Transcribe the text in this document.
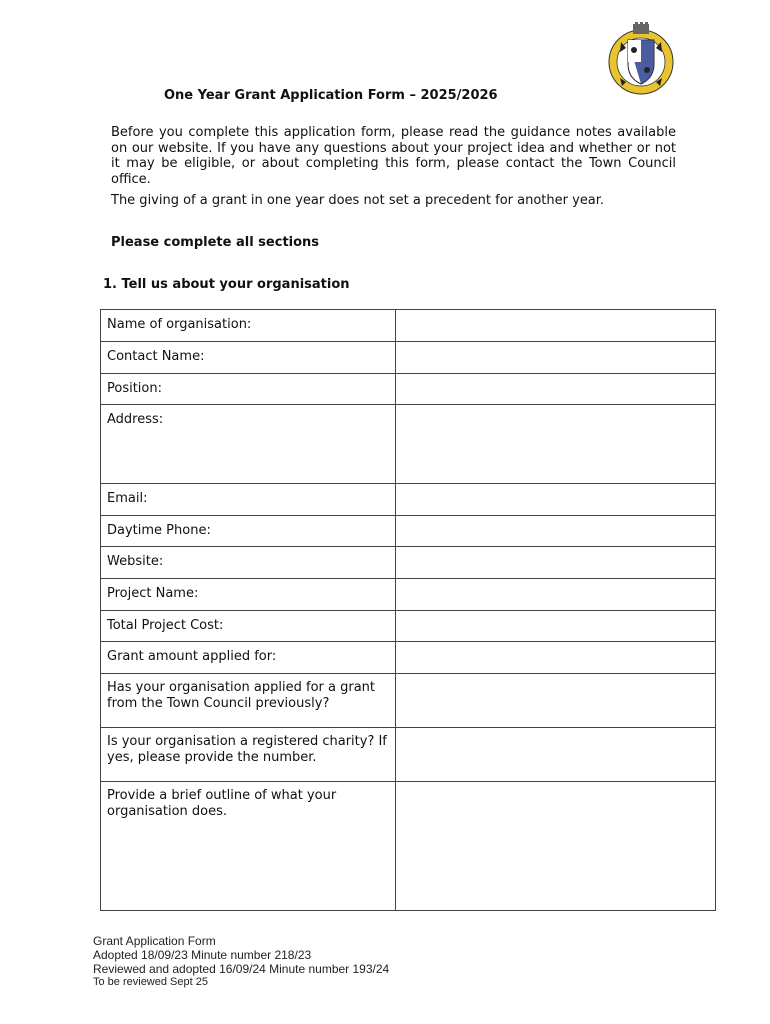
One Year Grant Application Form – 2025/2026

Before you complete this application form, please read the guidance notes available on our website. If you have any questions about your project idea and whether or not it may be eligible, or about completing this form, please contact the Town Council office.

The giving of a grant in one year does not set a precedent for another year.

Please complete all sections
1. Tell us about your organisation
Name of organisation:	
Contact Name:	
Position:	
Address:	
Email:	
Daytime Phone:	
Website:	
Project Name:	
Total Project Cost:	
Grant amount applied for:	
Has your organisation applied for a grant from the Town Council previously?	
Is your organisation a registered charity? If yes, please provide the number.	
Provide a brief outline of what your organisation does.	
Grant Application Form
Adopted 18/09/23 Minute number 218/23
Reviewed and adopted 16/09/24 Minute number 193/24
To be reviewed Sept 25
